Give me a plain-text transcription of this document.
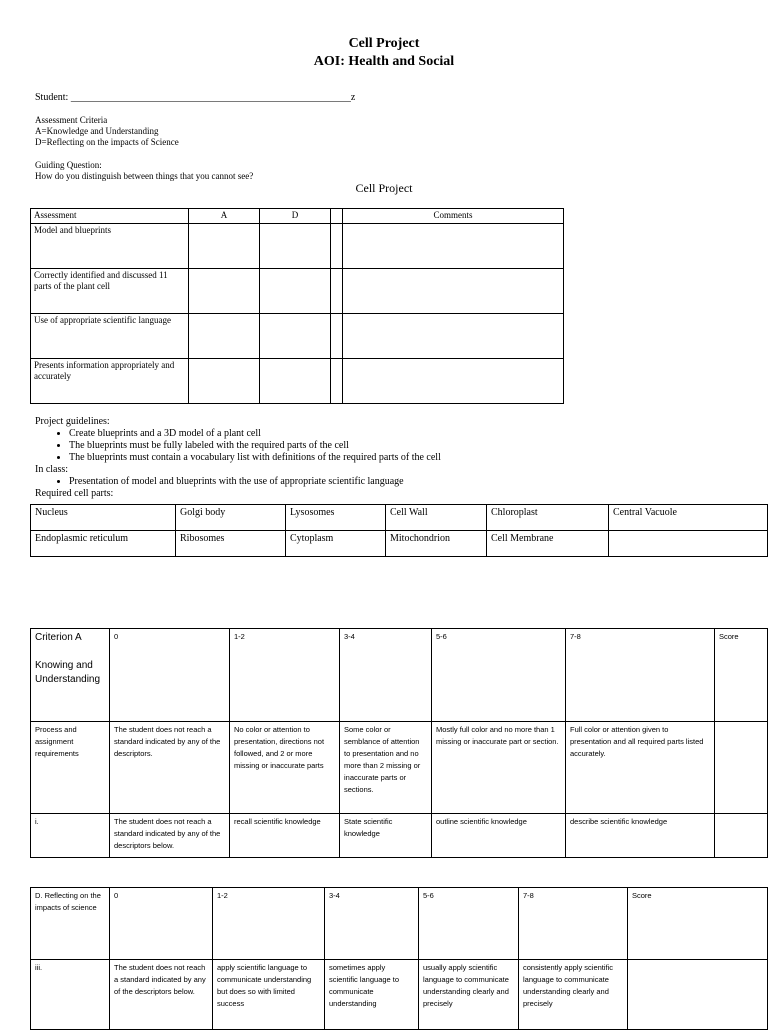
Cell Project
AOI: Health and Social
Student: ________________________________________________________z
Assessment Criteria
A=Knowledge and Understanding
D=Reflecting on the impacts of Science
Guiding Question:
How do you distinguish between things that you cannot see?
Cell Project
Assessment	A	D		Comments
Model and blueprints				
Correctly identified and discussed 11 parts of the plant cell				
Use of appropriate scientific language				
Presents information appropriately and accurately				
Project guidelines:
• Create blueprints and a 3D model of a plant cell
• The blueprints must be fully labeled with the required parts of the cell
• The blueprints must contain a vocabulary list with definitions of the required parts of the cell
In class:
• Presentation of model and blueprints with the use of appropriate scientific language
Required cell parts:
Nucleus	Golgi body	Lysosomes	Cell Wall	Chloroplast	Central Vacuole
Endoplasmic reticulum	Ribosomes	Cytoplasm	Mitochondrion	Cell Membrane	
Criterion A
Knowing and Understanding	0	1-2	3-4	5-6	7-8	Score
Process and assignment requirements	The student does not reach a standard indicated by any of the descriptors.	No color or attention to presentation, directions not followed, and 2 or more missing or inaccurate parts	Some color or semblance of attention to presentation and no more than 2 missing or inaccurate parts or sections.	Mostly full color and no more than 1 missing or inaccurate part or section.	Full color or attention given to presentation and all required parts listed accurately.	
i.	The student does not reach a standard indicated by any of the descriptors below.	recall scientific knowledge	State scientific knowledge	outline scientific knowledge	describe scientific knowledge	
D. Reflecting on the impacts of science	0	1-2	3-4	5-6	7-8	Score
iii.	The student does not reach a standard indicated by any of the descriptors below.	apply scientific language to communicate understanding but does so with limited success	sometimes apply scientific language to communicate understanding	usually apply scientific language to communicate understanding clearly and precisely	consistently apply scientific language to communicate understanding clearly and precisely	
